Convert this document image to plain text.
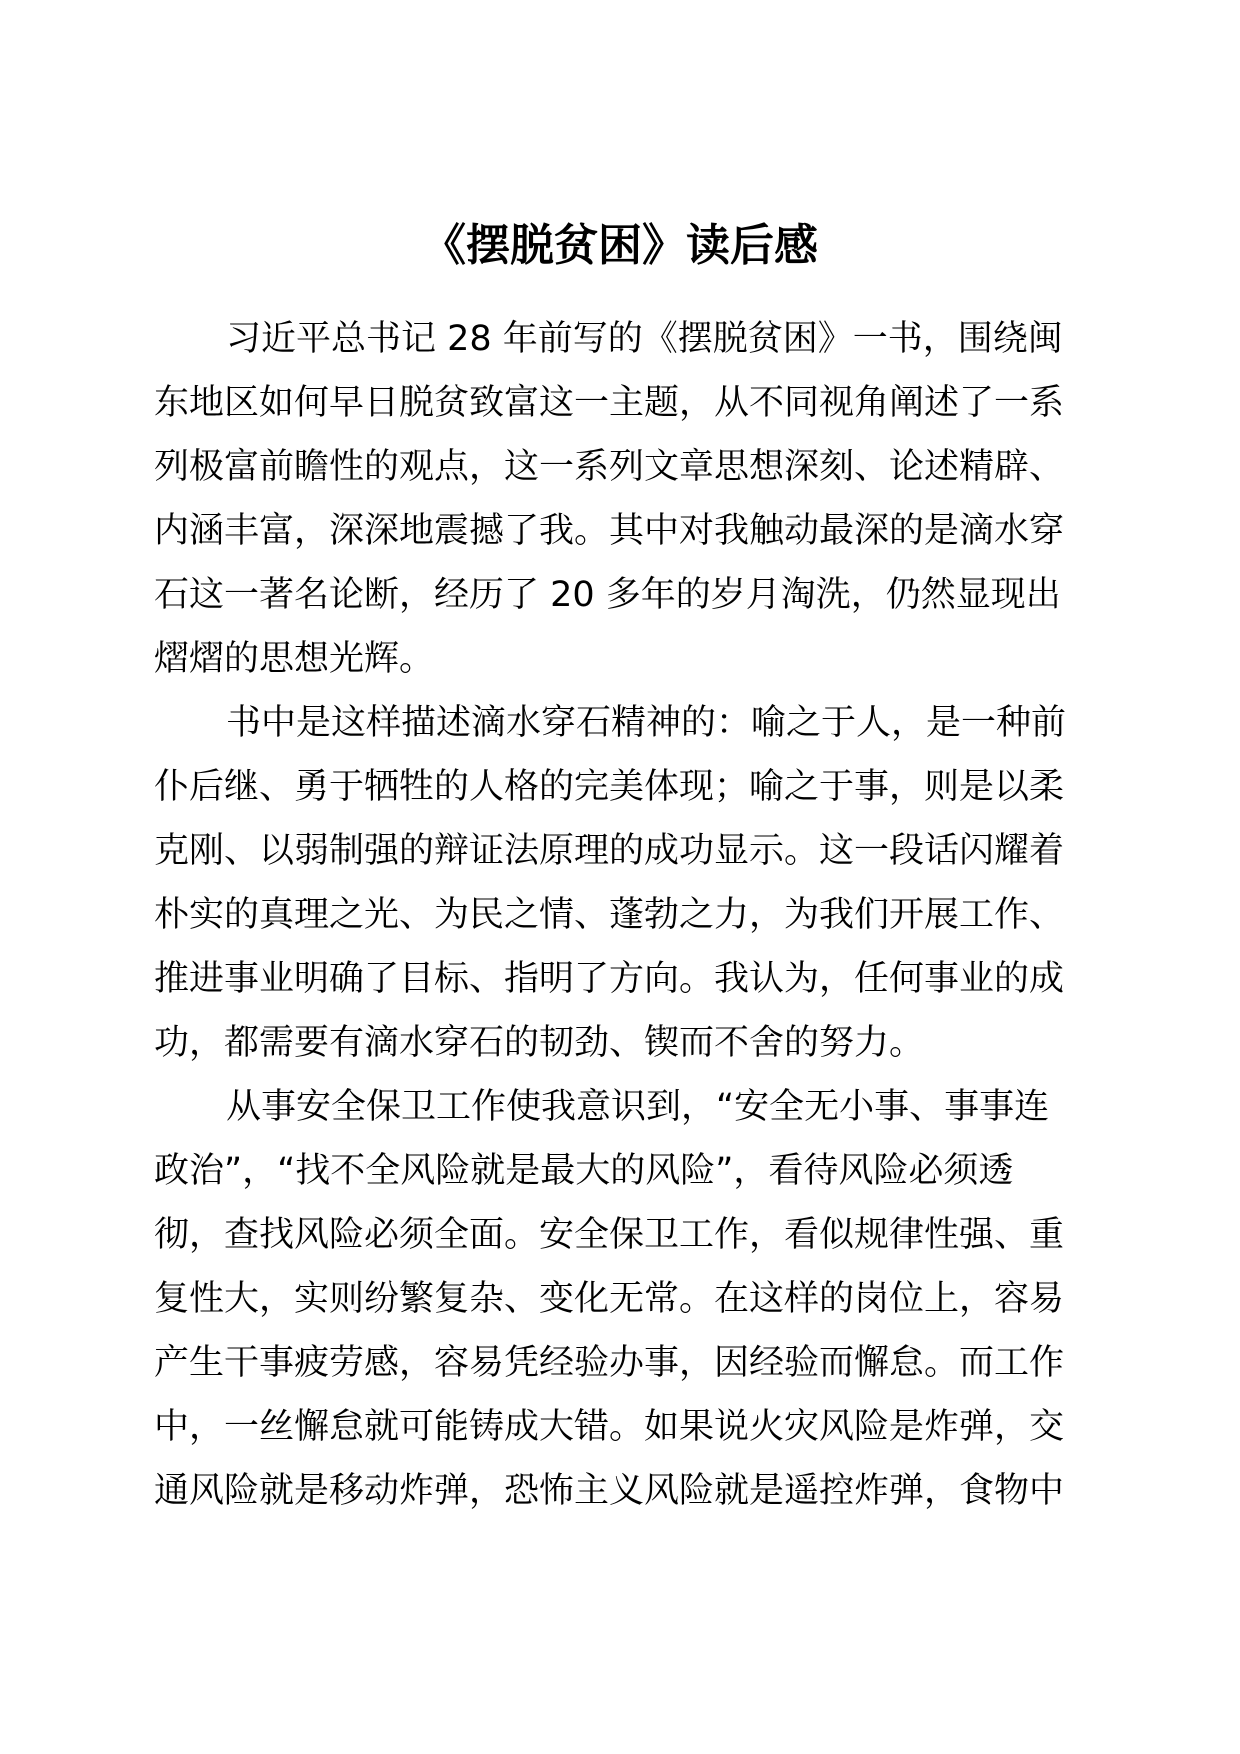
《摆脱贫困》读后感
习近平总书记 28 年前写的《摆脱贫困》一书，围绕闽
东地区如何早日脱贫致富这一主题，从不同视角阐述了一系
列极富前瞻性的观点，这一系列文章思想深刻、论述精辟、
内涵丰富，深深地震撼了我。其中对我触动最深的是滴水穿
石这一著名论断，经历了 20 多年的岁月淘洗，仍然显现出
熠熠的思想光辉。
书中是这样描述滴水穿石精神的：喻之于人，是一种前
仆后继、勇于牺牲的人格的完美体现；喻之于事，则是以柔
克刚、以弱制强的辩证法原理的成功显示。这一段话闪耀着
朴实的真理之光、为民之情、蓬勃之力，为我们开展工作、
推进事业明确了目标、指明了方向。我认为，任何事业的成
功，都需要有滴水穿石的韧劲、锲而不舍的努力。
从事安全保卫工作使我意识到，“安全无小事、事事连
政治”，“找不全风险就是最大的风险”，看待风险必须透
彻，查找风险必须全面。安全保卫工作，看似规律性强、重
复性大，实则纷繁复杂、变化无常。在这样的岗位上，容易
产生干事疲劳感，容易凭经验办事，因经验而懈怠。而工作
中，一丝懈怠就可能铸成大错。如果说火灾风险是炸弹，交
通风险就是移动炸弹，恐怖主义风险就是遥控炸弹，食物中
